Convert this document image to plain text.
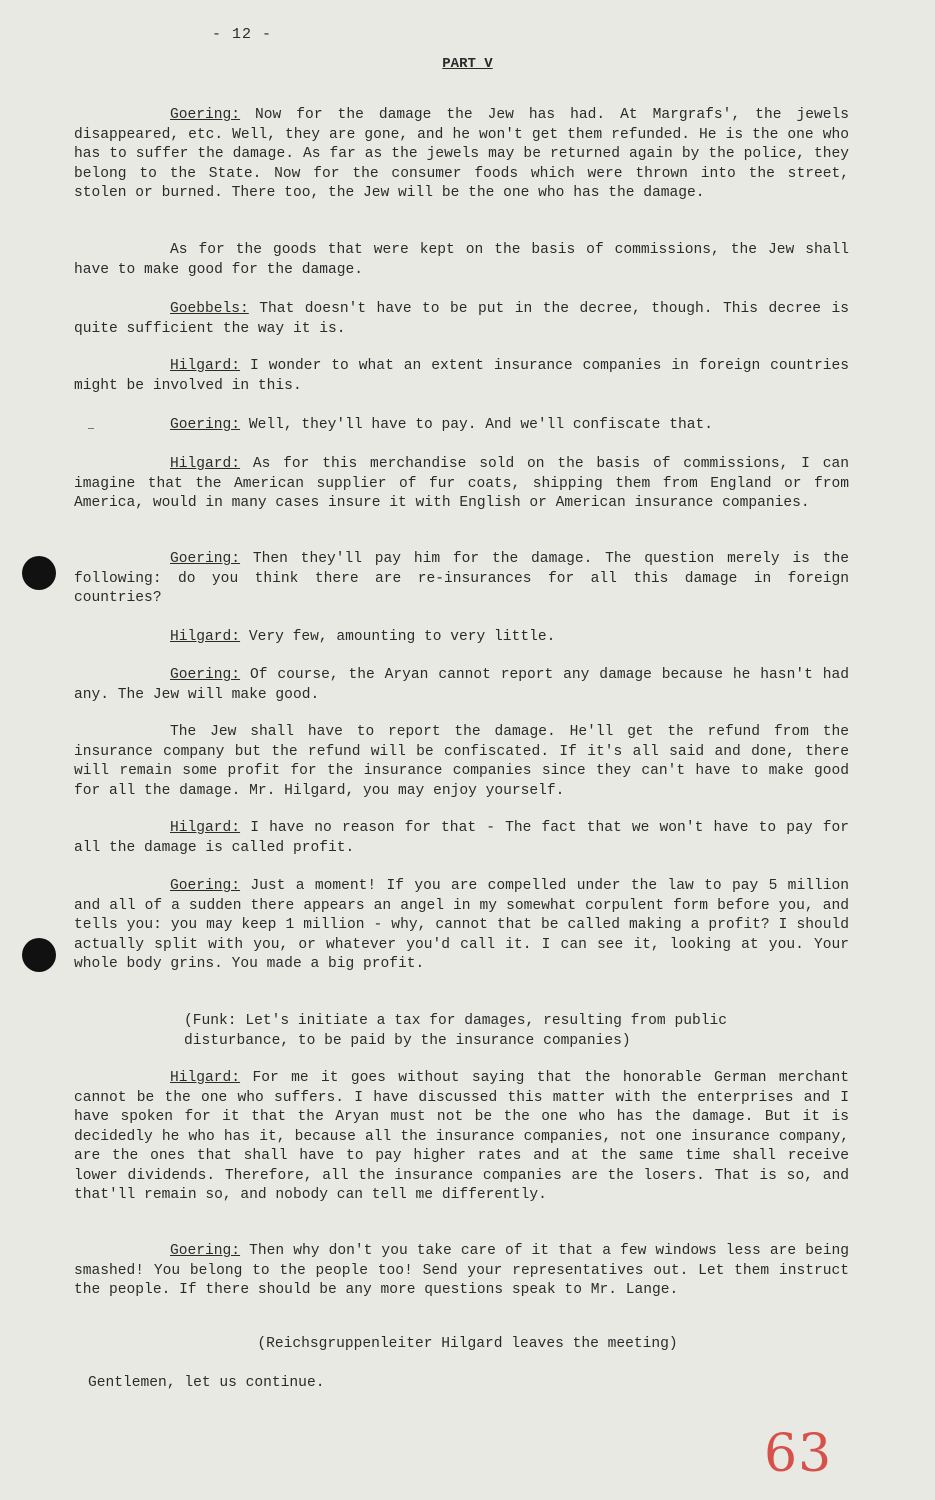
- 12 -
PART V
Goering: Now for the damage the Jew has had. At Margrafs', the jewels disappeared, etc. Well, they are gone, and he won't get them refunded. He is the one who has to suffer the damage. As far as the jewels may be returned again by the police, they belong to the State. Now for the consumer foods which were thrown into the street, stolen or burned. There too, the Jew will be the one who has the damage.
As for the goods that were kept on the basis of commissions, the Jew shall have to make good for the damage.
Goebbels: That doesn't have to be put in the decree, though. This decree is quite sufficient the way it is.
Hilgard: I wonder to what an extent insurance companies in foreign countries might be involved in this.
Goering: Well, they'll have to pay. And we'll confiscate that.
Hilgard: As for this merchandise sold on the basis of commissions, I can imagine that the American supplier of fur coats, shipping them from England or from America, would in many cases insure it with English or American insurance companies.
Goering: Then they'll pay him for the damage. The question merely is the following: do you think there are re-insurances for all this damage in foreign countries?
Hilgard: Very few, amounting to very little.
Goering: Of course, the Aryan cannot report any damage because he hasn't had any. The Jew will make good.
The Jew shall have to report the damage. He'll get the refund from the insurance company but the refund will be confiscated. If it's all said and done, there will remain some profit for the insurance companies since they can't have to make good for all the damage. Mr. Hilgard, you may enjoy yourself.
Hilgard: I have no reason for that - The fact that we won't have to pay for all the damage is called profit.
Goering: Just a moment! If you are compelled under the law to pay 5 million and all of a sudden there appears an angel in my somewhat corpulent form before you, and tells you: you may keep 1 million - why, cannot that be called making a profit? I should actually split with you, or whatever you'd call it. I can see it, looking at you. Your whole body grins. You made a big profit.
(Funk: Let's initiate a tax for damages, resulting from public disturbance, to be paid by the insurance companies)
Hilgard: For me it goes without saying that the honorable German merchant cannot be the one who suffers. I have discussed this matter with the enterprises and I have spoken for it that the Aryan must not be the one who has the damage. But it is decidedly he who has it, because all the insurance companies, not one insurance company, are the ones that shall have to pay higher rates and at the same time shall receive lower dividends. Therefore, all the insurance companies are the losers. That is so, and that'll remain so, and nobody can tell me differently.
Goering: Then why don't you take care of it that a few windows less are being smashed! You belong to the people too! Send your representatives out. Let them instruct the people. If there should be any more questions speak to Mr. Lange.
(Reichsgruppenleiter Hilgard leaves the meeting)
Gentlemen, let us continue.
63
